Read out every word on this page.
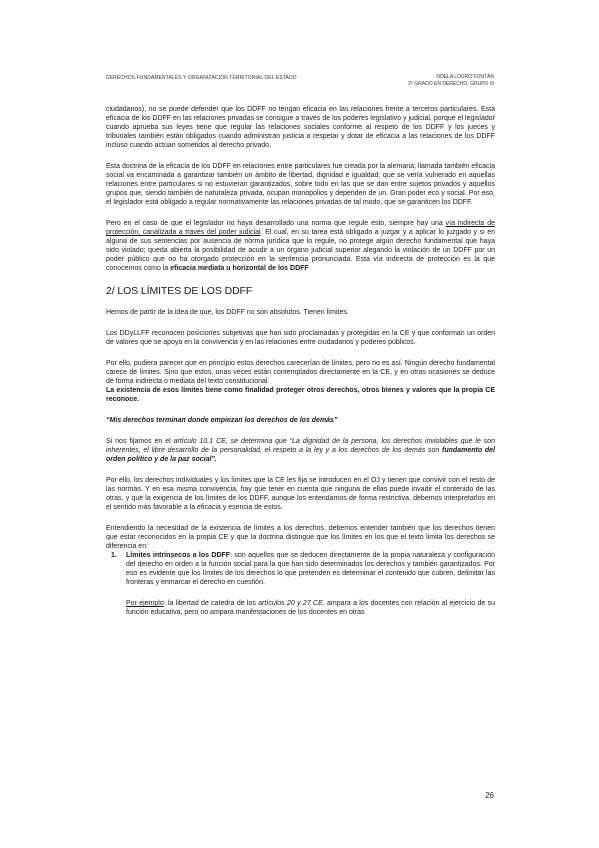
DERECHOS FUNDAMENTALES Y ORGANIZACIÓN TERRITORIAL DEL ESTADO	NOELA LOURO FONTÁN
2º GRADO EN DERECHO. GRUPO III

ciudadanos), no se puede defender que los DDFF no tengan eficacia en las relaciones frente a terceros particulares. Esta eficacia de los DDFF en las relaciones privadas se consigue a través de los poderes legislativo y judicial, porque el legislador cuando aprueba sus leyes tiene que regular las relaciones sociales conforme al respeto de los DDFF y los jueces y tribunales también están obligados cuando administran justicia a respetar y dotar de eficacia a las relaciones de los DDFF incluso cuando actúan sometidos al derecho privado.

Esta doctrina de la eficacia de los DDFF en relaciones entre particulares fue creada por la alemana; llamada también eficacia social va encaminada a garantizar también un ámbito de libertad, dignidad e igualdad; que se vería vulnerado en aquellas relaciones entre particulares si no estuvieran garantizados, sobre todo en las que se dan entre sujetos privados y aquellos grupos que, siendo también de naturaleza privada, ocupan monopolios y dependen de un. Gran poder eco y social. Por eso, el legislador está obligado a regular normativamente las relaciones privadas de tal modo, que se garanticen los DDFF.

Pero en el caso de que el legislador no haya desarrollado una norma que regule esto, siempre hay una vía indirecta de protección, canalizada a través del poder judicial. El cual, en su tarea está obligado a juzgar y a aplicar lo juzgado y si en alguna de sus sentencias por ausencia de norma jurídica que lo regule, no protege algún derecho fundamental que haya sido violado; queda abierta la posibilidad de acudir a un órgano judicial superior alegando la violación de un DDFF por un poder público que no ha otorgado protección en la sentencia pronunciada. Esta vía indirecta de protección es la que conocemos como la eficacia mediata u horizontal de los DDFF

2/ LOS LÍMITES DE LOS DDFF

Hemos de partir de la idea de que, los DDFF no son absolutos. Tienen límites.

Los DDyLLFF reconocen posiciones subjetivas que han sido proclamadas y protegidas en la CE y que conforman un orden de valores que se apoya en la convivencia y en las relaciones entre ciudadanos y poderes públicos.

Por ello, pudiera parecer que en principio estos derechos carecerían de límites, pero no es así. Ningún derecho fundamental carece de límites. Sino que estos, unas veces están contemplados directamente en la CE, y en otras ocasiones se deduce de forma indirecta o mediata del texto constitucional.

La existencia de esos límites tiene como finalidad proteger otros derechos, otros bienes y valores que la propia CE reconoce.

“Mis derechos terminan donde empiezan los derechos de los demás”

Si nos fijamos en el artículo 10.1 CE, se determina que “La dignidad de la persona, los derechos inviolables que le son inherentes, el libre desarrollo de la personalidad, el respeto a la ley y a los derechos de los demás son fundamento del orden político y de la paz social”.

Por ello, los derechos individuales y los límites que la CE les fija se introducen en el OJ y tienen que convivir con el resto de las normas. Y en esa misma convivencia, hay que tener en cuenta que ninguna de ellas puede invadir el contenido de las otras, y que la exigencia de los límites de los DDFF, aunque los entendamos de forma restrictiva, debemos interpretarlos en el sentido más favorable a la eficacia y esencia de estos.

Entendiendo la necesidad de la existencia de límites a los derechos, debemos entender también que los derechos tienen que estar reconocidos en la propia CE y que la doctrina distingue que los límites en los que el texto limita los derechos se diferencia en:

1. Límites intrínsecos a los DDFF: son aquellos que se deducen directamente de la propia naturaleza y configuración del derecho en orden a la función social para la que han sido determinados los derechos y también garantizados. Por eso es evidente que los límites de los derechos lo que pretenden es determinar el contenido que cubren, delimitar las fronteras y enmarcar el derecho en cuestión.

Por ejemplo: la libertad de catedra de los artículos 20 y 27 CE, ampara a los docentes con relación al ejercicio de su función educativa, pero no ampara manifestaciones de los docentes en otras

26
